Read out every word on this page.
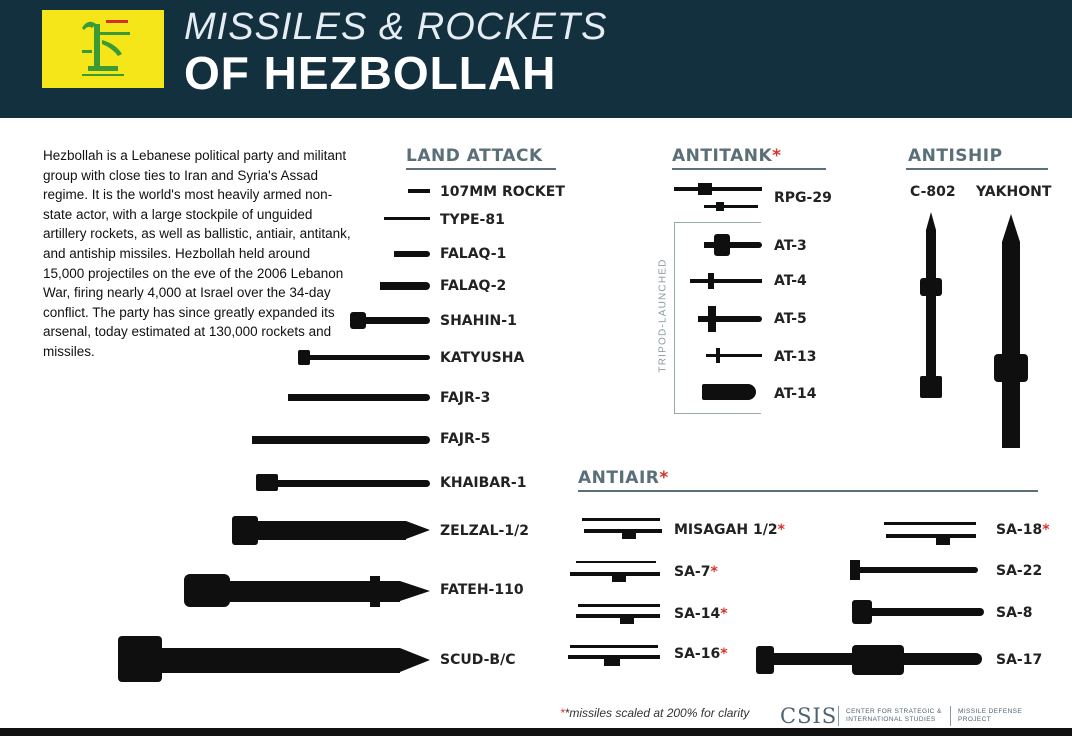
MISSILES & ROCKETS
OF HEZBOLLAH
Hezbollah is a Lebanese political party and militant group with close ties to Iran and Syria's Assad regime. It is the world's most heavily armed non-state actor, with a large stockpile of unguided artillery rockets, as well as ballistic, antiair, antitank, and antiship missiles. Hezbollah held around 15,000 projectiles on the eve of the 2006 Lebanon War, firing nearly 4,000 at Israel over the 34-day conflict. The party has since greatly expanded its arsenal, today estimated at 130,000 rockets and missiles.
LAND ATTACK
107MM ROCKET
TYPE-81
FALAQ-1
FALAQ-2
SHAHIN-1
KATYUSHA
FAJR-3
FAJR-5
KHAIBAR-1
ZELZAL-1/2
FATEH-110
SCUD-B/C
ANTITANK*
RPG-29
TRIPOD-LAUNCHED
AT-3
AT-4
AT-5
AT-13
AT-14
ANTISHIP
C-802 YAKHONT
ANTIAIR*
MISAGAH 1/2*
SA-7*
SA-14*
SA-16*
SA-18*
SA-22
SA-8
SA-17
**missiles scaled at 200% for clarity CSIS CENTER FOR STRATEGIC &
INTERNATIONAL STUDIES
MISSILE DEFENSE
PROJECT
